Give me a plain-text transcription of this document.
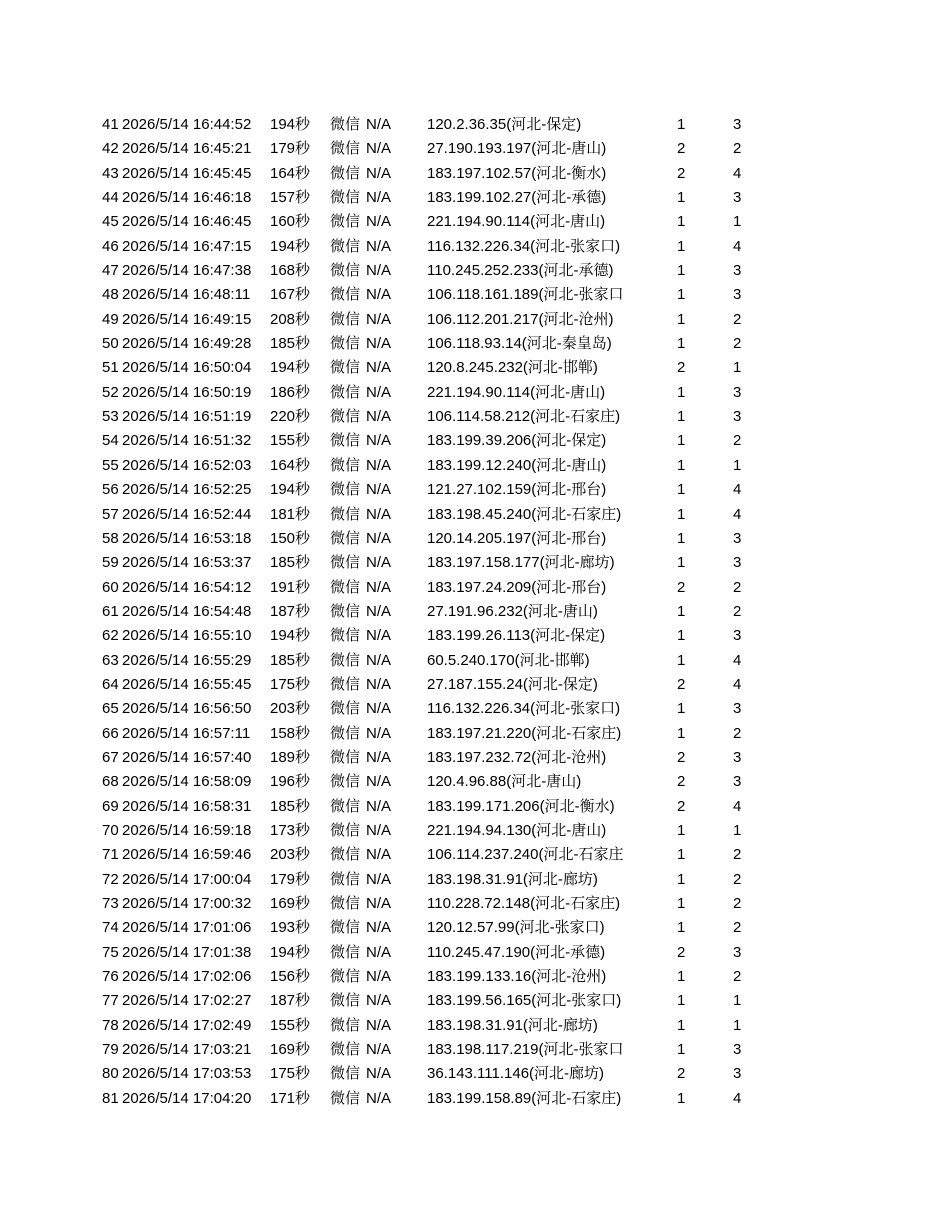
41 2026/5/14 16:44:52 194秒 微信 N/A 120.2.36.35(河北-保定)	1	3
42 2026/5/14 16:45:21 179秒 微信 N/A 27.190.193.197(河北-唐山)	2	2
43 2026/5/14 16:45:45 164秒 微信 N/A 183.197.102.57(河北-衡水)	2	4
44 2026/5/14 16:46:18 157秒 微信 N/A 183.199.102.27(河北-承德)	1	3
45 2026/5/14 16:46:45 160秒 微信 N/A 221.194.90.114(河北-唐山)	1	1
46 2026/5/14 16:47:15 194秒 微信 N/A 116.132.226.34(河北-张家口)	1	4
47 2026/5/14 16:47:38 168秒 微信 N/A 110.245.252.233(河北-承德)	1	3
48 2026/5/14 16:48:11 167秒 微信 N/A 106.118.161.189(河北-张家口	1	3
49 2026/5/14 16:49:15 208秒 微信 N/A 106.112.201.217(河北-沧州)	1	2
50 2026/5/14 16:49:28 185秒 微信 N/A 106.118.93.14(河北-秦皇岛)	1	2
51 2026/5/14 16:50:04 194秒 微信 N/A 120.8.245.232(河北-邯郸)	2	1
52 2026/5/14 16:50:19 186秒 微信 N/A 221.194.90.114(河北-唐山)	1	3
53 2026/5/14 16:51:19 220秒 微信 N/A 106.114.58.212(河北-石家庄)	1	3
54 2026/5/14 16:51:32 155秒 微信 N/A 183.199.39.206(河北-保定)	1	2
55 2026/5/14 16:52:03 164秒 微信 N/A 183.199.12.240(河北-唐山)	1	1
56 2026/5/14 16:52:25 194秒 微信 N/A 121.27.102.159(河北-邢台)	1	4
57 2026/5/14 16:52:44 181秒 微信 N/A 183.198.45.240(河北-石家庄)	1	4
58 2026/5/14 16:53:18 150秒 微信 N/A 120.14.205.197(河北-邢台)	1	3
59 2026/5/14 16:53:37 185秒 微信 N/A 183.197.158.177(河北-廊坊)	1	3
60 2026/5/14 16:54:12 191秒 微信 N/A 183.197.24.209(河北-邢台)	2	2
61 2026/5/14 16:54:48 187秒 微信 N/A 27.191.96.232(河北-唐山)	1	2
62 2026/5/14 16:55:10 194秒 微信 N/A 183.199.26.113(河北-保定)	1	3
63 2026/5/14 16:55:29 185秒 微信 N/A 60.5.240.170(河北-邯郸)	1	4
64 2026/5/14 16:55:45 175秒 微信 N/A 27.187.155.24(河北-保定)	2	4
65 2026/5/14 16:56:50 203秒 微信 N/A 116.132.226.34(河北-张家口)	1	3
66 2026/5/14 16:57:11 158秒 微信 N/A 183.197.21.220(河北-石家庄)	1	2
67 2026/5/14 16:57:40 189秒 微信 N/A 183.197.232.72(河北-沧州)	2	3
68 2026/5/14 16:58:09 196秒 微信 N/A 120.4.96.88(河北-唐山)	2	3
69 2026/5/14 16:58:31 185秒 微信 N/A 183.199.171.206(河北-衡水)	2	4
70 2026/5/14 16:59:18 173秒 微信 N/A 221.194.94.130(河北-唐山)	1	1
71 2026/5/14 16:59:46 203秒 微信 N/A 106.114.237.240(河北-石家庄	1	2
72 2026/5/14 17:00:04 179秒 微信 N/A 183.198.31.91(河北-廊坊)	1	2
73 2026/5/14 17:00:32 169秒 微信 N/A 110.228.72.148(河北-石家庄)	1	2
74 2026/5/14 17:01:06 193秒 微信 N/A 120.12.57.99(河北-张家口)	1	2
75 2026/5/14 17:01:38 194秒 微信 N/A 110.245.47.190(河北-承德)	2	3
76 2026/5/14 17:02:06 156秒 微信 N/A 183.199.133.16(河北-沧州)	1	2
77 2026/5/14 17:02:27 187秒 微信 N/A 183.199.56.165(河北-张家口)	1	1
78 2026/5/14 17:02:49 155秒 微信 N/A 183.198.31.91(河北-廊坊)	1	1
79 2026/5/14 17:03:21 169秒 微信 N/A 183.198.117.219(河北-张家口	1	3
80 2026/5/14 17:03:53 175秒 微信 N/A 36.143.111.146(河北-廊坊)	2	3
81 2026/5/14 17:04:20 171秒 微信 N/A 183.199.158.89(河北-石家庄)	1	4
